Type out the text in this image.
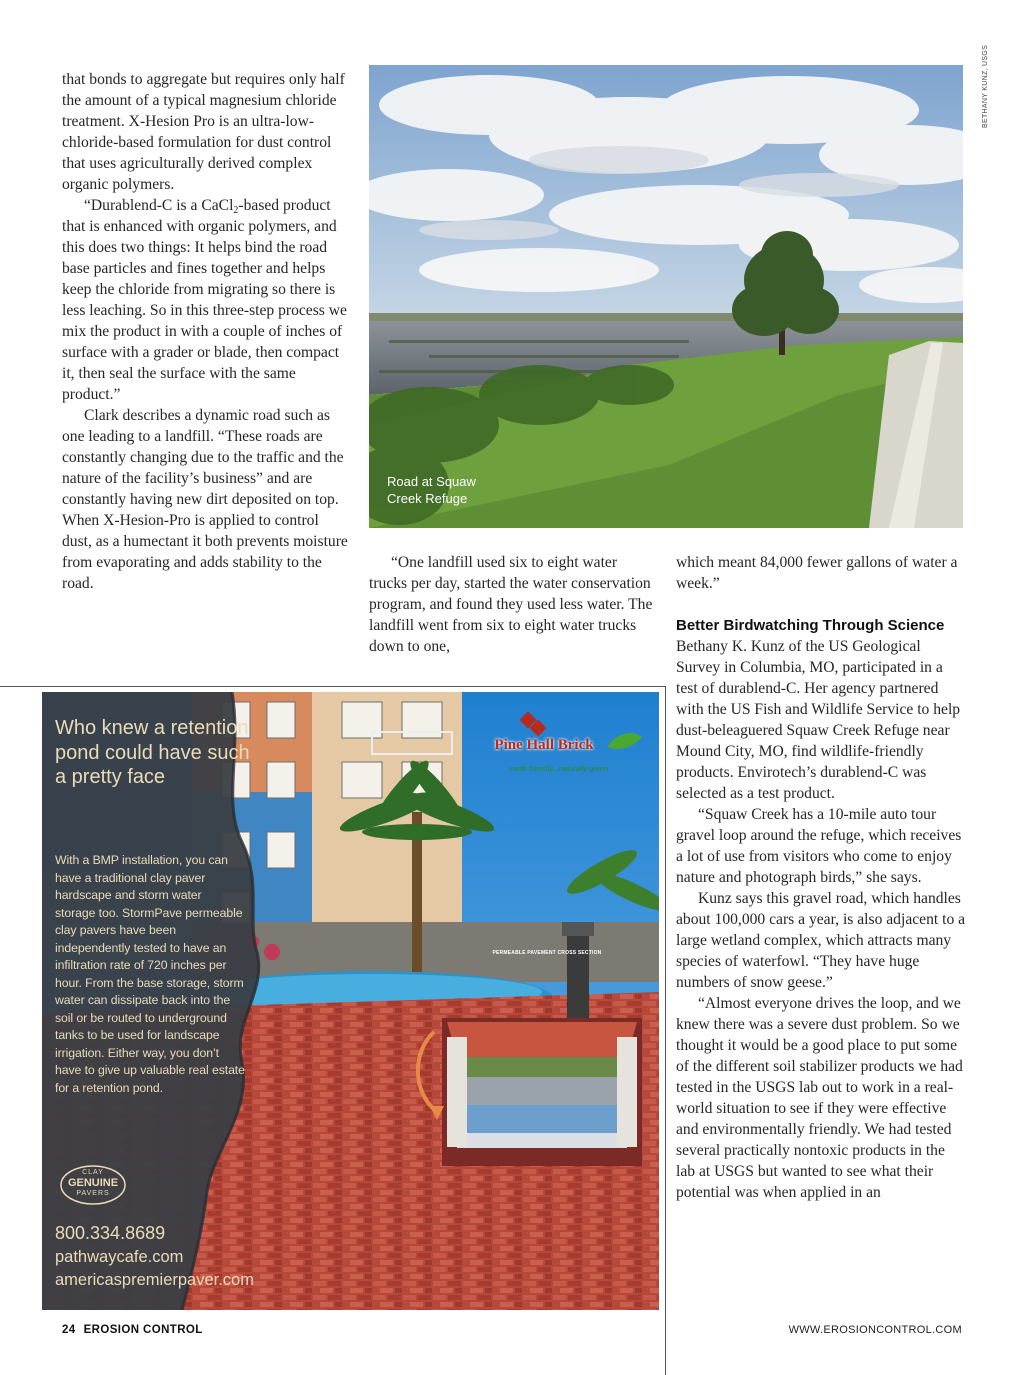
that bonds to aggregate but requires only half the amount of a typical magnesium chloride treatment. X-Hesion Pro is an ultra-low-chloride-based formulation for dust control that uses agriculturally derived complex organic polymers.

“Durablend-C is a CaCl$_2$-based product that is enhanced with organic polymers, and this does two things: It helps bind the road base particles and fines together and helps keep the chloride from migrating so there is less leaching. So in this three-step process we mix the product in with a couple of inches of surface with a grader or blade, then compact it, then seal the surface with the same product.”

Clark describes a dynamic road such as one leading to a landfill. “These roads are constantly changing due to the traffic and the nature of the facility’s business” and are constantly having new dirt deposited on top. When X-Hesion-Pro is applied to control dust, as a humectant it both prevents moisture from evaporating and adds stability to the road.

Road at Squaw Creek Refuge
BETHANY KUNZ, USGS

“One landfill used six to eight water trucks per day, started the water conservation program, and found they used less water. The landfill went from six to eight water trucks down to one,

which meant 84,000 fewer gallons of water a week.”

Better Birdwatching Through Science

Bethany K. Kunz of the US Geological Survey in Columbia, MO, participated in a test of durablend-C. Her agency partnered with the US Fish and Wildlife Service to help dust-beleaguered Squaw Creek Refuge near Mound City, MO, find wildlife-friendly products. Envirotech’s durablend-C was selected as a test product.

“Squaw Creek has a 10-mile auto tour gravel loop around the refuge, which receives a lot of use from visitors who come to enjoy nature and photograph birds,” she says.

Kunz says this gravel road, which handles about 100,000 cars a year, is also adjacent to a large wetland complex, which attracts many species of waterfowl. “They have huge numbers of snow geese.”

“Almost everyone drives the loop, and we knew there was a severe dust problem. So we thought it would be a good place to put some of the different soil stabilizer products we had tested in the USGS lab out to work in a real-world situation to see if they were effective and environmentally friendly. We had tested several practically nontoxic products in the lab at USGS but wanted to see what their potential was when applied in an

Who knew a retention pond could have such a pretty face
With a BMP installation, you can have a traditional clay paver hardscape and storm water storage too. StormPave permeable clay pavers have been independently tested to have an infiltration rate of 720 inches per hour. From the base storage, storm water can dissipate back into the soil or be routed to underground tanks to be used for landscape irrigation. Either way, you don’t have to give up valuable real estate for a retention pond.
Pine Hall Brick
earth friendly...naturally green
PERMEABLE PAVEMENT CROSS SECTION
CLAY
GENUINE
PAVERS
800.334.8689
pathwaycafe.com
americaspremierpaver.com
24 EROSION CONTROL	WWW.EROSIONCONTROL.COM
